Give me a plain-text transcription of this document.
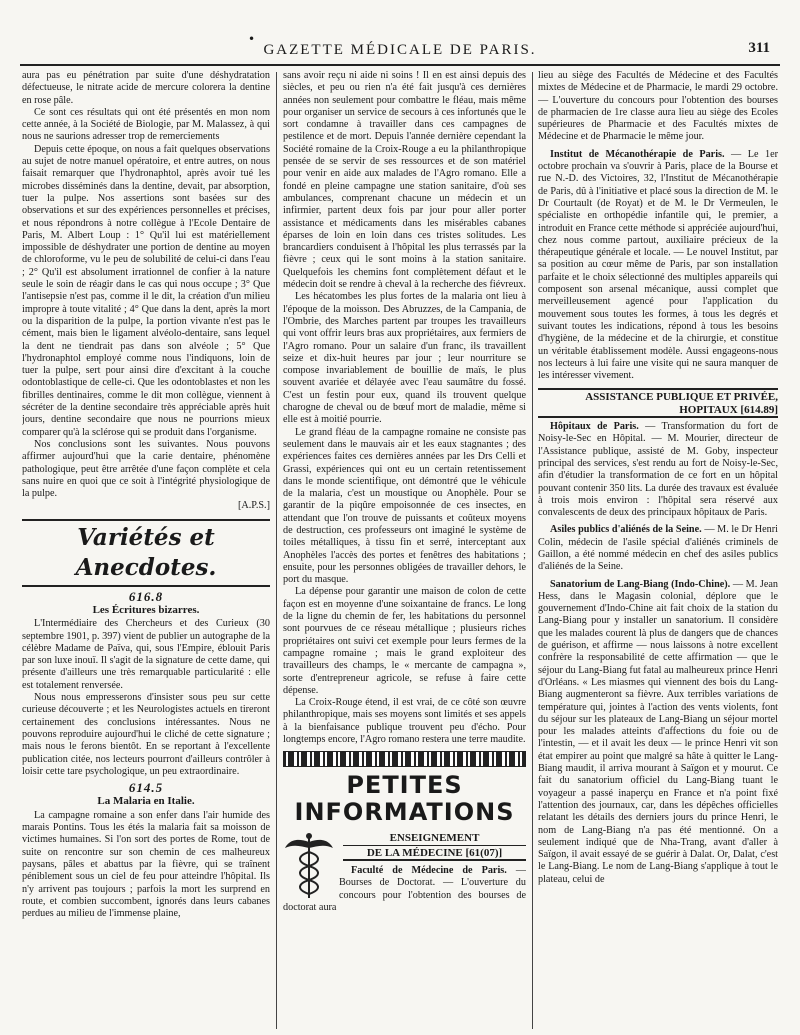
•
GAZETTE MÉDICALE DE PARIS.	311

aura pas eu pénétration par suite d'une déshydratation défectueuse, le nitrate acide de mercure colorera la dentine en rose pâle.

Ce sont ces résultats qui ont été présentés en mon nom cette année, à la Société de Biologie, par M. Malassez, à qui nous ne saurions adresser trop de remerciements

Depuis cette époque, on nous a fait quelques observations au sujet de notre manuel opératoire, et entre autres, on nous faisait remarquer que l'hydronaphtol, après avoir tué les microbes disséminés dans la dentine, devait, par absorption, tuer la pulpe. Nos assertions sont basées sur des observations et sur des expériences personnelles et précises, et nous répondrons à notre collègue à l'Ecole Dentaire de Paris, M. Albert Loup : 1° Qu'il lui est matériellement impossible de déshydrater une portion de dentine au moyen de chloroforme, vu le peu de solubilité de celui-ci dans l'eau ; 2° Qu'il est absolument irrationnel de confier à la nature seule le soin de réagir dans le cas qui nous occupe ; 3° Que l'antisepsie n'est pas, comme il le dit, la création d'un milieu impropre à toute vitalité ; 4° Que dans la dent, après la mort ou la disparition de la pulpe, la portion vivante n'est pas le cément, mais bien le ligament alvéolo-dentaire, sans lequel la dent ne tiendrait pas dans son alvéole ; 5° Que l'hydronaphtol employé comme nous l'indiquons, loin de tuer la pulpe, sert pour ainsi dire d'excitant à la couche odontoblastique de celle-ci. Que les odontoblastes et non les fibrilles dentinaires, comme le dit mon collègue, viennent à sécréter de la dentine secondaire très appréciable après huit jours, dentine secondaire que nous ne pourrions mieux comparer qu'à la sclérose qui se produit dans l'organisme.

Nos conclusions sont les suivantes. Nous pouvons affirmer aujourd'hui que la carie dentaire, phénomène pathologique, peut être arrêtée d'une façon complète et cela sans nuire en quoi que ce soit à l'intégrité physiologique de la pulpe.

[A.P.S.]
Variétés et Anecdotes.
616.8
Les Écritures bizarres.

L'Intermédiaire des Chercheurs et des Curieux (30 septembre 1901, p. 397) vient de publier un autographe de la célèbre Madame de Païva, qui, sous l'Empire, éblouit Paris par son luxe inouï. Il s'agit de la signature de cette dame, qui présente d'ailleurs une très remarquable particularité : elle est totalement renversée.

Nous nous empresserons d'insister sous peu sur cette curieuse découverte ; et les Neurologistes actuels en tireront certainement des conclusions intéressantes. Nous ne pouvons reproduire aujourd'hui le cliché de cette signature ; mais nous le ferons bientôt. En se reportant à l'excellente publication citée, nos lecteurs pourront d'ailleurs contrôler à loisir cette tare psychologique, un peu extraordinaire.

614.5
La Malaria en Italie.

La campagne romaine a son enfer dans l'air humide des marais Pontins. Tous les étés la malaria fait sa moisson de victimes humaines. Si l'on sort des portes de Rome, tout de suite on rencontre sur son chemin de ces malheureux paysans, pâles et abattus par la fièvre, qui se traînent péniblement sous un ciel de feu pour atteindre l'hôpital. Ils n'y arrivent pas toujours ; parfois la mort les surprend en route, et combien succombent, ignorés dans leurs cabanes perdues au milieu de l'immense plaine,

sans avoir reçu ni aide ni soins ! Il en est ainsi depuis des siècles, et peu ou rien n'a été fait jusqu'à ces dernières années non seulement pour combattre le fléau, mais même pour organiser un service de secours à ces infortunés que le sort condamne à travailler dans ces campagnes de pestilence et de mort. Depuis l'année dernière cependant la Société romaine de la Croix-Rouge a eu la philanthropique pensée de se servir de ses ressources et de son matériel pour venir en aide aux malades de l'Agro romano. Elle a fondé en pleine campagne une station sanitaire, d'où ses ambulances, comprenant chacune un médecin et un infirmier, partent deux fois par jour pour aller porter assistance et médicaments dans les misérables cabanes éparses de loin en loin dans ces tristes solitudes. Les brancardiers conduisent à l'hôpital les plus terrassés par la fièvre ; ceux qui le sont moins à la station sanitaire. Quelquefois les chemins font complètement défaut et le médecin doit se rendre à cheval à la recherche des fiévreux.

Les hécatombes les plus fortes de la malaria ont lieu à l'époque de la moisson. Des Abruzzes, de la Campania, de l'Ombrie, des Marches partent par troupes les travailleurs qui vont offrir leurs bras aux propriétaires, aux fermiers de l'Agro romano. Pour un salaire d'un franc, ils travaillent seize et dix-huit heures par jour ; leur nourriture se compose invariablement de bouillie de maïs, le plus souvent avariée et délayée avec l'eau saumâtre du fossé. C'est un festin pour eux, quand ils trouvent quelque charogne de cheval ou de bœuf mort de maladie, même si elle est à moitié pourrie.

Le grand fléau de la campagne romaine ne consiste pas seulement dans le mauvais air et les eaux stagnantes ; des expériences faites ces dernières années par les Drs Celli et Grassi, expériences qui ont eu un certain retentissement dans le monde scientifique, ont démontré que le véhicule de la malaria, c'est un moustique ou Anophèle. Pour se garantir de la piqûre empoisonnée de ces insectes, en attendant que l'on trouve de puissants et coûteux moyens de destruction, ces professeurs ont imaginé le système de toiles métalliques, à tissu fin et serré, interceptant aux Anophèles l'accès des portes et fenêtres des habitations ; ensuite, pour les personnes obligées de travailler dehors, le port du masque.

La dépense pour garantir une maison de colon de cette façon est en moyenne d'une soixantaine de francs. Le long de la ligne du chemin de fer, les habitations du personnel sont pourvues de ce réseau métallique ; plusieurs riches propriétaires ont suivi cet exemple pour leurs fermes de la campagne romaine ; mais le grand exploiteur des travailleurs des champs, le « mercante de campagna », sorte d'entrepreneur agricole, se refuse à faire cette dépense.

La Croix-Rouge étend, il est vrai, de ce côté son œuvre philanthropique, mais ses moyens sont limités et ses appels à la bienfaisance publique trouvent peu d'écho. Pour longtemps encore, l'Agro romano restera une terre maudite.

PETITES
INFORMATIONS
ENSEIGNEMENT
DE LA MÉDECINE [61(07)]

Faculté de Médecine de Paris. — Bourses de Doctorat. — L'ouverture du concours pour l'obtention des bourses de doctorat aura

lieu au siège des Facultés de Médecine et des Facultés mixtes de Médecine et de Pharmacie, le mardi 29 octobre. — L'ouverture du concours pour l'obtention des bourses de pharmacien de 1re classe aura lieu au siège des Ecoles supérieures de Pharmacie et des Facultés mixtes de Médecine et de Pharmacie le même jour.

Institut de Mécanothérapie de Paris. — Le 1er octobre prochain va s'ouvrir à Paris, place de la Bourse et rue N.-D. des Victoires, 32, l'Institut de Mécanothérapie de Paris, dû à l'initiative et placé sous la direction de M. le Dr Courtault (de Royat) et de M. le Dr Vermeulen, le spécialiste en orthopédie infantile qui, le premier, a introduit en France cette méthode si appréciée aujourd'hui, chez nous comme partout, auxiliaire précieux de la thérapeutique générale et locale. — Le nouvel Institut, par sa position au cœur même de Paris, par son installation parfaite et le choix sélectionné des multiples appareils qui composent son arsenal mécanique, aussi complet que merveilleusement agencé pour l'application du mouvement sous toutes les formes, à tous les degrés et suivant toutes les indications, répond à tous les besoins d'hygiène, de la médecine et de la chirurgie, et constitue un véritable établissement modèle. Aussi engageons-nous nos lecteurs à lui faire une visite qui ne saura manquer de les intéresser vivement.

ASSISTANCE PUBLIQUE ET PRIVÉE,
HOPITAUX [614.89]

Hôpitaux de Paris. — Transformation du fort de Noisy-le-Sec en Hôpital. — M. Mourier, directeur de l'Assistance publique, assisté de M. Goby, inspecteur principal des services, s'est rendu au fort de Noisy-le-Sec, afin d'étudier la transformation de ce fort en un hôpital pouvant contenir 350 lits. La durée des travaux est évaluée à trois mois environ : l'hôpital sera réservé aux convalescents de deux des principaux hôpitaux de Paris.

Asiles publics d'aliénés de la Seine. — M. le Dr Henri Colin, médecin de l'asile spécial d'aliénés criminels de Gaillon, a été nommé médecin en chef des asiles publics d'aliénés de la Seine.

Sanatorium de Lang-Biang (Indo-Chine). — M. Jean Hess, dans le Magasin colonial, déplore que le gouvernement d'Indo-Chine ait fait choix de la station du Lang-Biang pour y installer un sanatorium. Il considère que les malades courent là plus de dangers que de chances de guérison, et affirme — nous laissons à notre excellent confrère la responsabilité de cette affirmation — que le séjour du Lang-Biang fut fatal au malheureux prince Henri d'Orléans. « Les miasmes qui viennent des bois du Lang-Biang augmenteront sa fièvre. Aux terribles variations de température qui, jointes à l'action des vents violents, font du séjour sur les plateaux de Lang-Biang un séjour mortel pour les malades atteints d'affections du foie ou de l'intestin, — et il avait les deux — le prince Henri vit son état empirer au point que malgré sa hâte à quitter le Lang-Biang maudit, il arriva mourant à Saïgon et y mourut. Ce fait du sanatorium officiel du Lang-Biang tuant le voyageur a passé inaperçu en France et n'a point fixé l'attention des journaux, car, dans les dépêches officielles relatant les détails des derniers jours du prince Henri, le nom de Lang-Biang n'a pas été mentionné. On a seulement indiqué que de Nha-Trang, avant d'aller à Saïgon, il avait essayé de se guérir à Dalat. Or, Dalat, c'est le Lang-Biang. Le nom de Lang-Biang s'applique à tout le plateau, celui de
